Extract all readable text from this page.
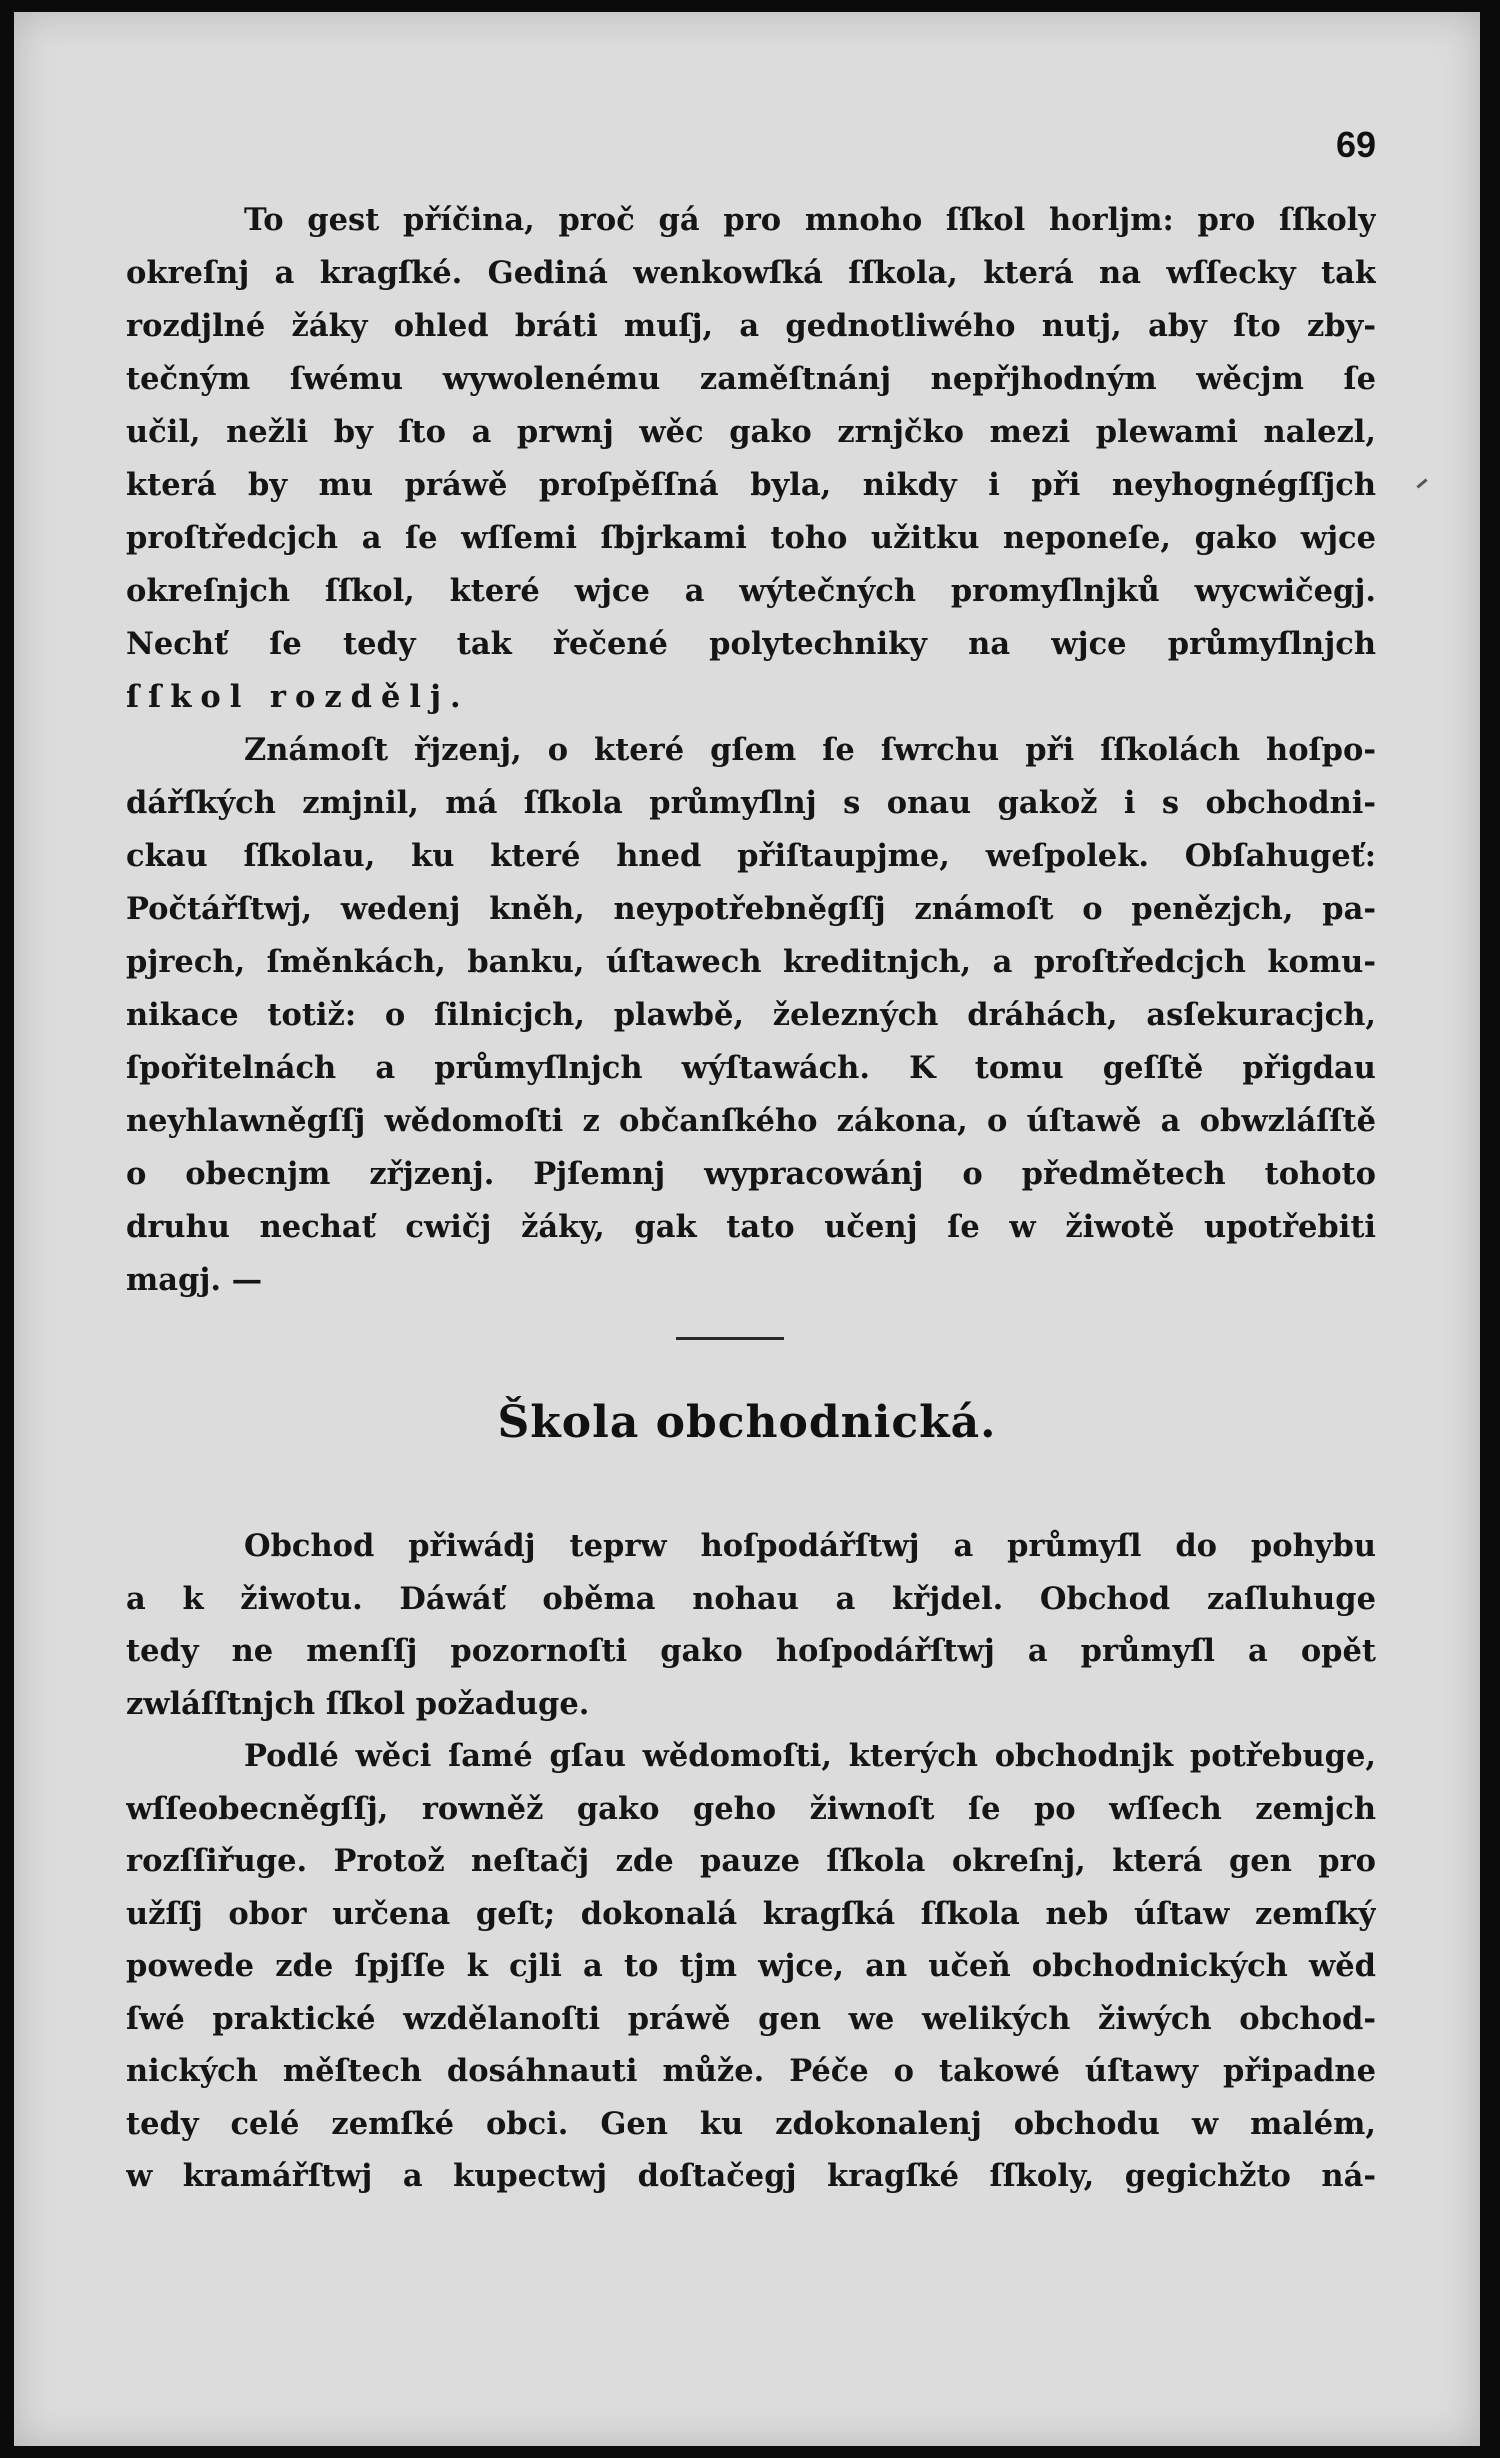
69
To gest příčina, proč gá pro mnoho ſſkol horljm: pro ſſkoly
okreſnj a kragſké. Gediná wenkowſká ſſkola, která na wſſecky tak
rozdjlné žáky ohled bráti muſj, a gednotliwého nutj, aby ſto zby-
tečným ſwému wywolenému zaměſtnánj nepřjhodným wěcjm ſe
učil, nežli by ſto a prwnj wěc gako zrnjčko mezi plewami nalezl,
která by mu práwě proſpěſſná byla, nikdy i při neyhognégſſjch
proſtředcjch a ſe wſſemi ſbjrkami toho užitku neponeſe, gako wjce
okreſnjch ſſkol, které wjce a wýtečných promyſlnjků wycwičegj.
Nechť ſe tedy tak řečené polytechniky na wjce průmyſlnjch
ſſkol rozdělj.
Známoſt řjzenj, o které gſem ſe ſwrchu při ſſkolách hoſpo-
dářſkých zmjnil, má ſſkola průmyſlnj s onau gakož i s obchodni-
ckau ſſkolau, ku které hned přiſtaupjme, weſpolek. Obſahugeť:
Počtářſtwj, wedenj kněh, neypotřebněgſſj známoſt o penězjch, pa-
pjrech, ſměnkách, banku, úſtawech kreditnjch, a proſtředcjch komu-
nikace totiž: o ſilnicjch, plawbě, železných dráhách, asſekuracjch,
ſpořitelnách a průmyſlnjch wýſtawách. K tomu geſſtě přigdau
neyhlawněgſſj wědomoſti z občanſkého zákona, o úſtawě a obwzláſſtě
o obecnjm zřjzenj. Pjſemnj wypracowánj o předmětech tohoto
druhu nechať cwičj žáky, gak tato učenj ſe w žiwotě upotřebiti
magj. —
Škola obchodnická.
Obchod přiwádj teprw hoſpodářſtwj a průmyſl do pohybu
a k žiwotu. Dáwáť oběma nohau a křjdel. Obchod zaſluhuge
tedy ne menſſj pozornoſti gako hoſpodářſtwj a průmyſl a opět
zwláſſtnjch ſſkol požaduge.
Podlé wěci ſamé gſau wědomoſti, kterých obchodnjk potřebuge,
wſſeobecněgſſj, rowněž gako geho žiwnoſt ſe po wſſech zemjch
rozſſiřuge. Protož neſtačj zde pauze ſſkola okreſnj, která gen pro
užſſj obor určena geſt; dokonalá kragſká ſſkola neb úſtaw zemſký
powede zde ſpjſſe k cjli a to tjm wjce, an učeň obchodnických wěd
ſwé praktické wzdělanoſti práwě gen we welikých žiwých obchod-
nických měſtech dosáhnauti může. Péče o takowé úſtawy připadne
tedy celé zemſké obci. Gen ku zdokonalenj obchodu w malém,
w kramářſtwj a kupectwj doſtačegj kragſké ſſkoly, gegichžto ná-
